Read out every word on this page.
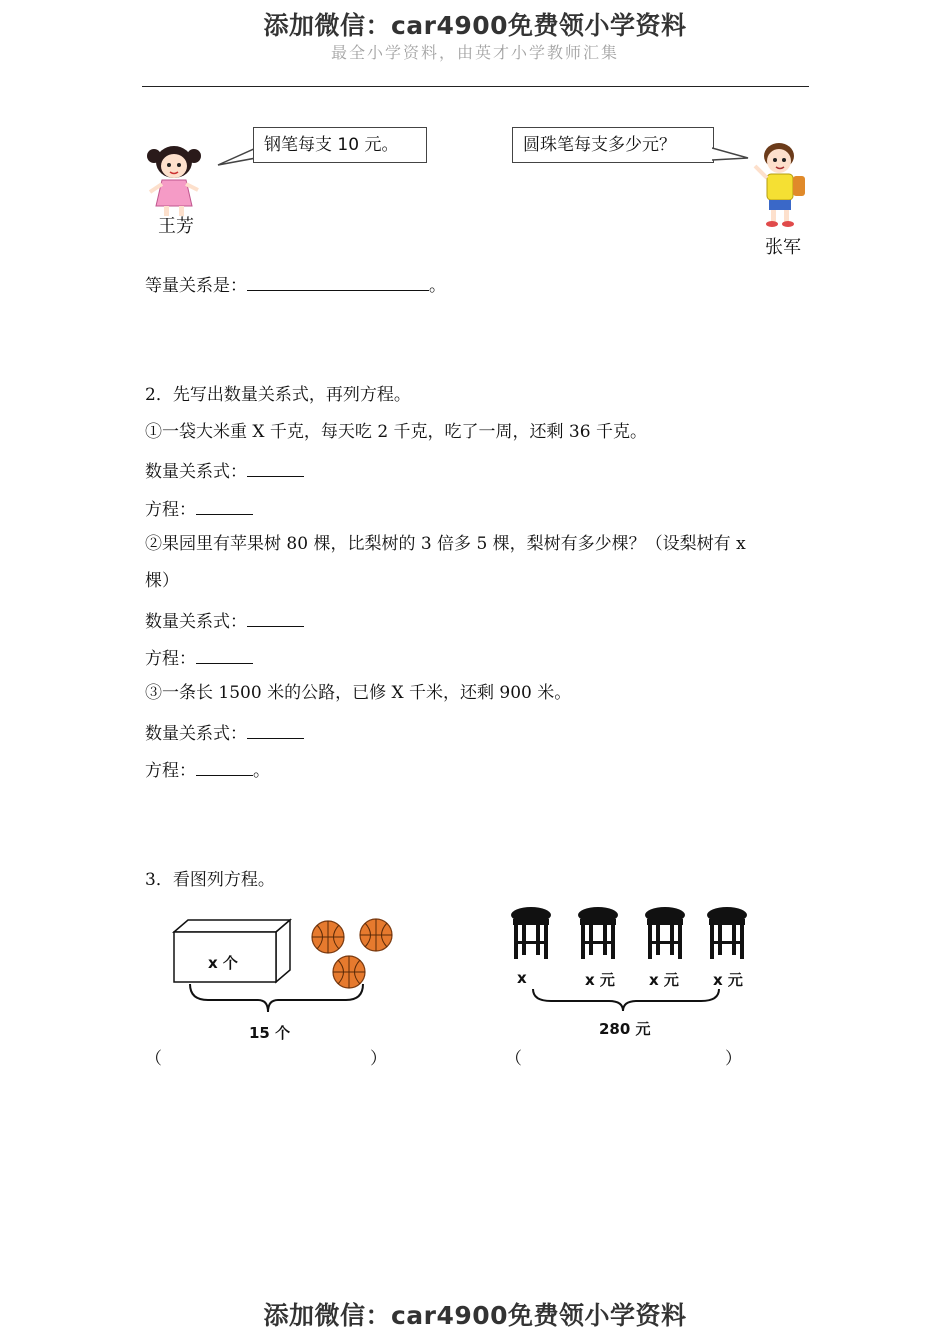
添加微信：car4900免费领小学资料
最全小学资料，由英才小学教师汇集
王芳
钢笔每支 10 元。	圆珠笔每支多少元？
张军
等量关系是：	。
2．先写出数量关系式，再列方程。
①一袋大米重 X 千克，每天吃 2 千克，吃了一周，还剩 36 千克。
数量关系式：
方程：
②果园里有苹果树 80 棵，比梨树的 3 倍多 5 棵，梨树有多少棵？（设梨树有 x
棵）
数量关系式：
方程：
③一条长 1500 米的公路，已修 X 千米，还剩 900 米。
数量关系式：
方程：	。
3．看图列方程。
x 个
15 个
（	）
x	x 元 x 元 x 元
280 元
（	）
添加微信：car4900免费领小学资料
